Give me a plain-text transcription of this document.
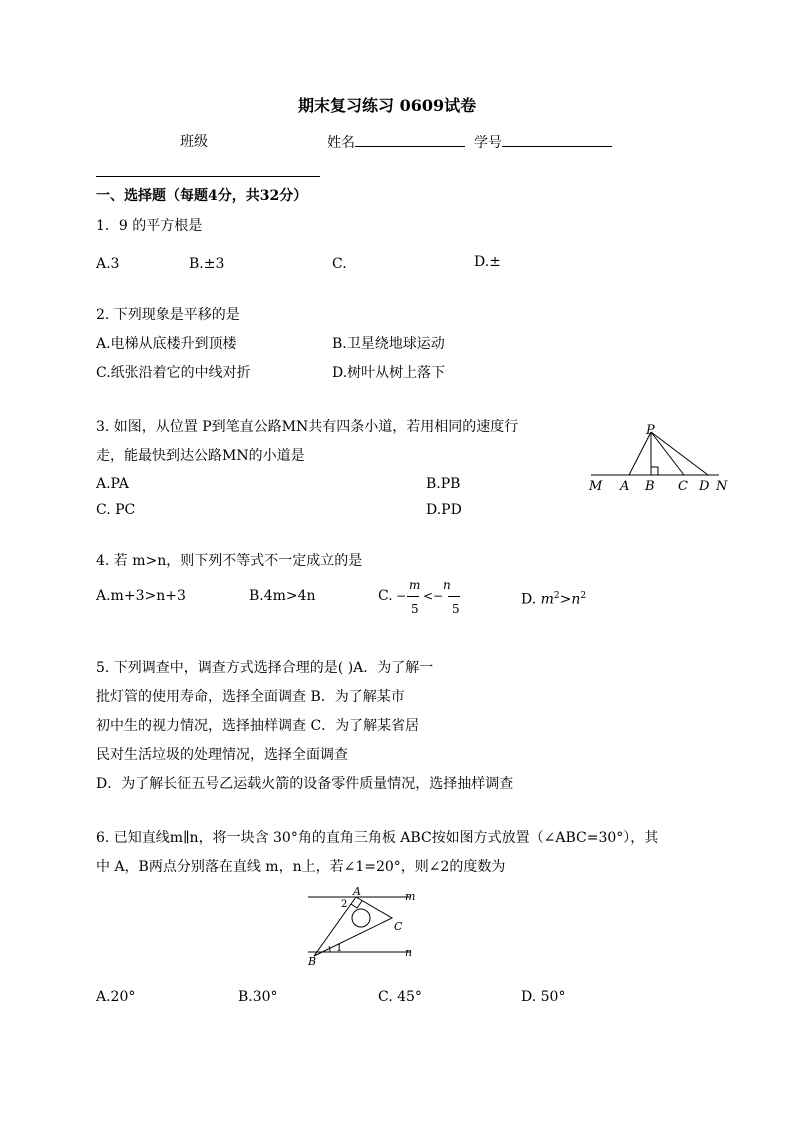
期末复习练习 0609试卷
班级	姓名	学号
一、选择题（每题4分，共32分）
1．9 的平方根是
A.3	B.±3	C.	D.±
2. 下列现象是平移的是
A.电梯从底楼升到顶楼	B.卫星绕地球运动
C.纸张沿着它的中线对折	D.树叶从树上落下
3. 如图，从位置 P到笔直公路MN共有四条小道，若用相同的速度行
走，能最快到达公路MN的小道是
A.PA	B.PB
C. PC	D.PD
P
M A B C D N
4. 若 m>n，则下列不等式不一定成立的是
A.m+3>n+3	B.4m>4n	C. −
m
5
<−
n
5
D. $m^2>n^2$
5. 下列调查中，调查方式选择合理的是( )A．为了解一
批灯管的使用寿命，选择全面调查 B．为了解某市
初中生的视力情况，选择抽样调查 C．为了解某省居
民对生活垃圾的处理情况，选择全面调查
D．为了解长征五号乙运载火箭的设备零件质量情况，选择抽样调查
6. 已知直线m∥n，将一块含 30°角的直角三角板 ABC按如图方式放置（∠ABC=30°），其
中 A，B两点分别落在直线 m，n上，若∠1=20°，则∠2的度数为
A
B
C
m
n
1
2
A.20°	B.30°	C. 45°	D. 50°
